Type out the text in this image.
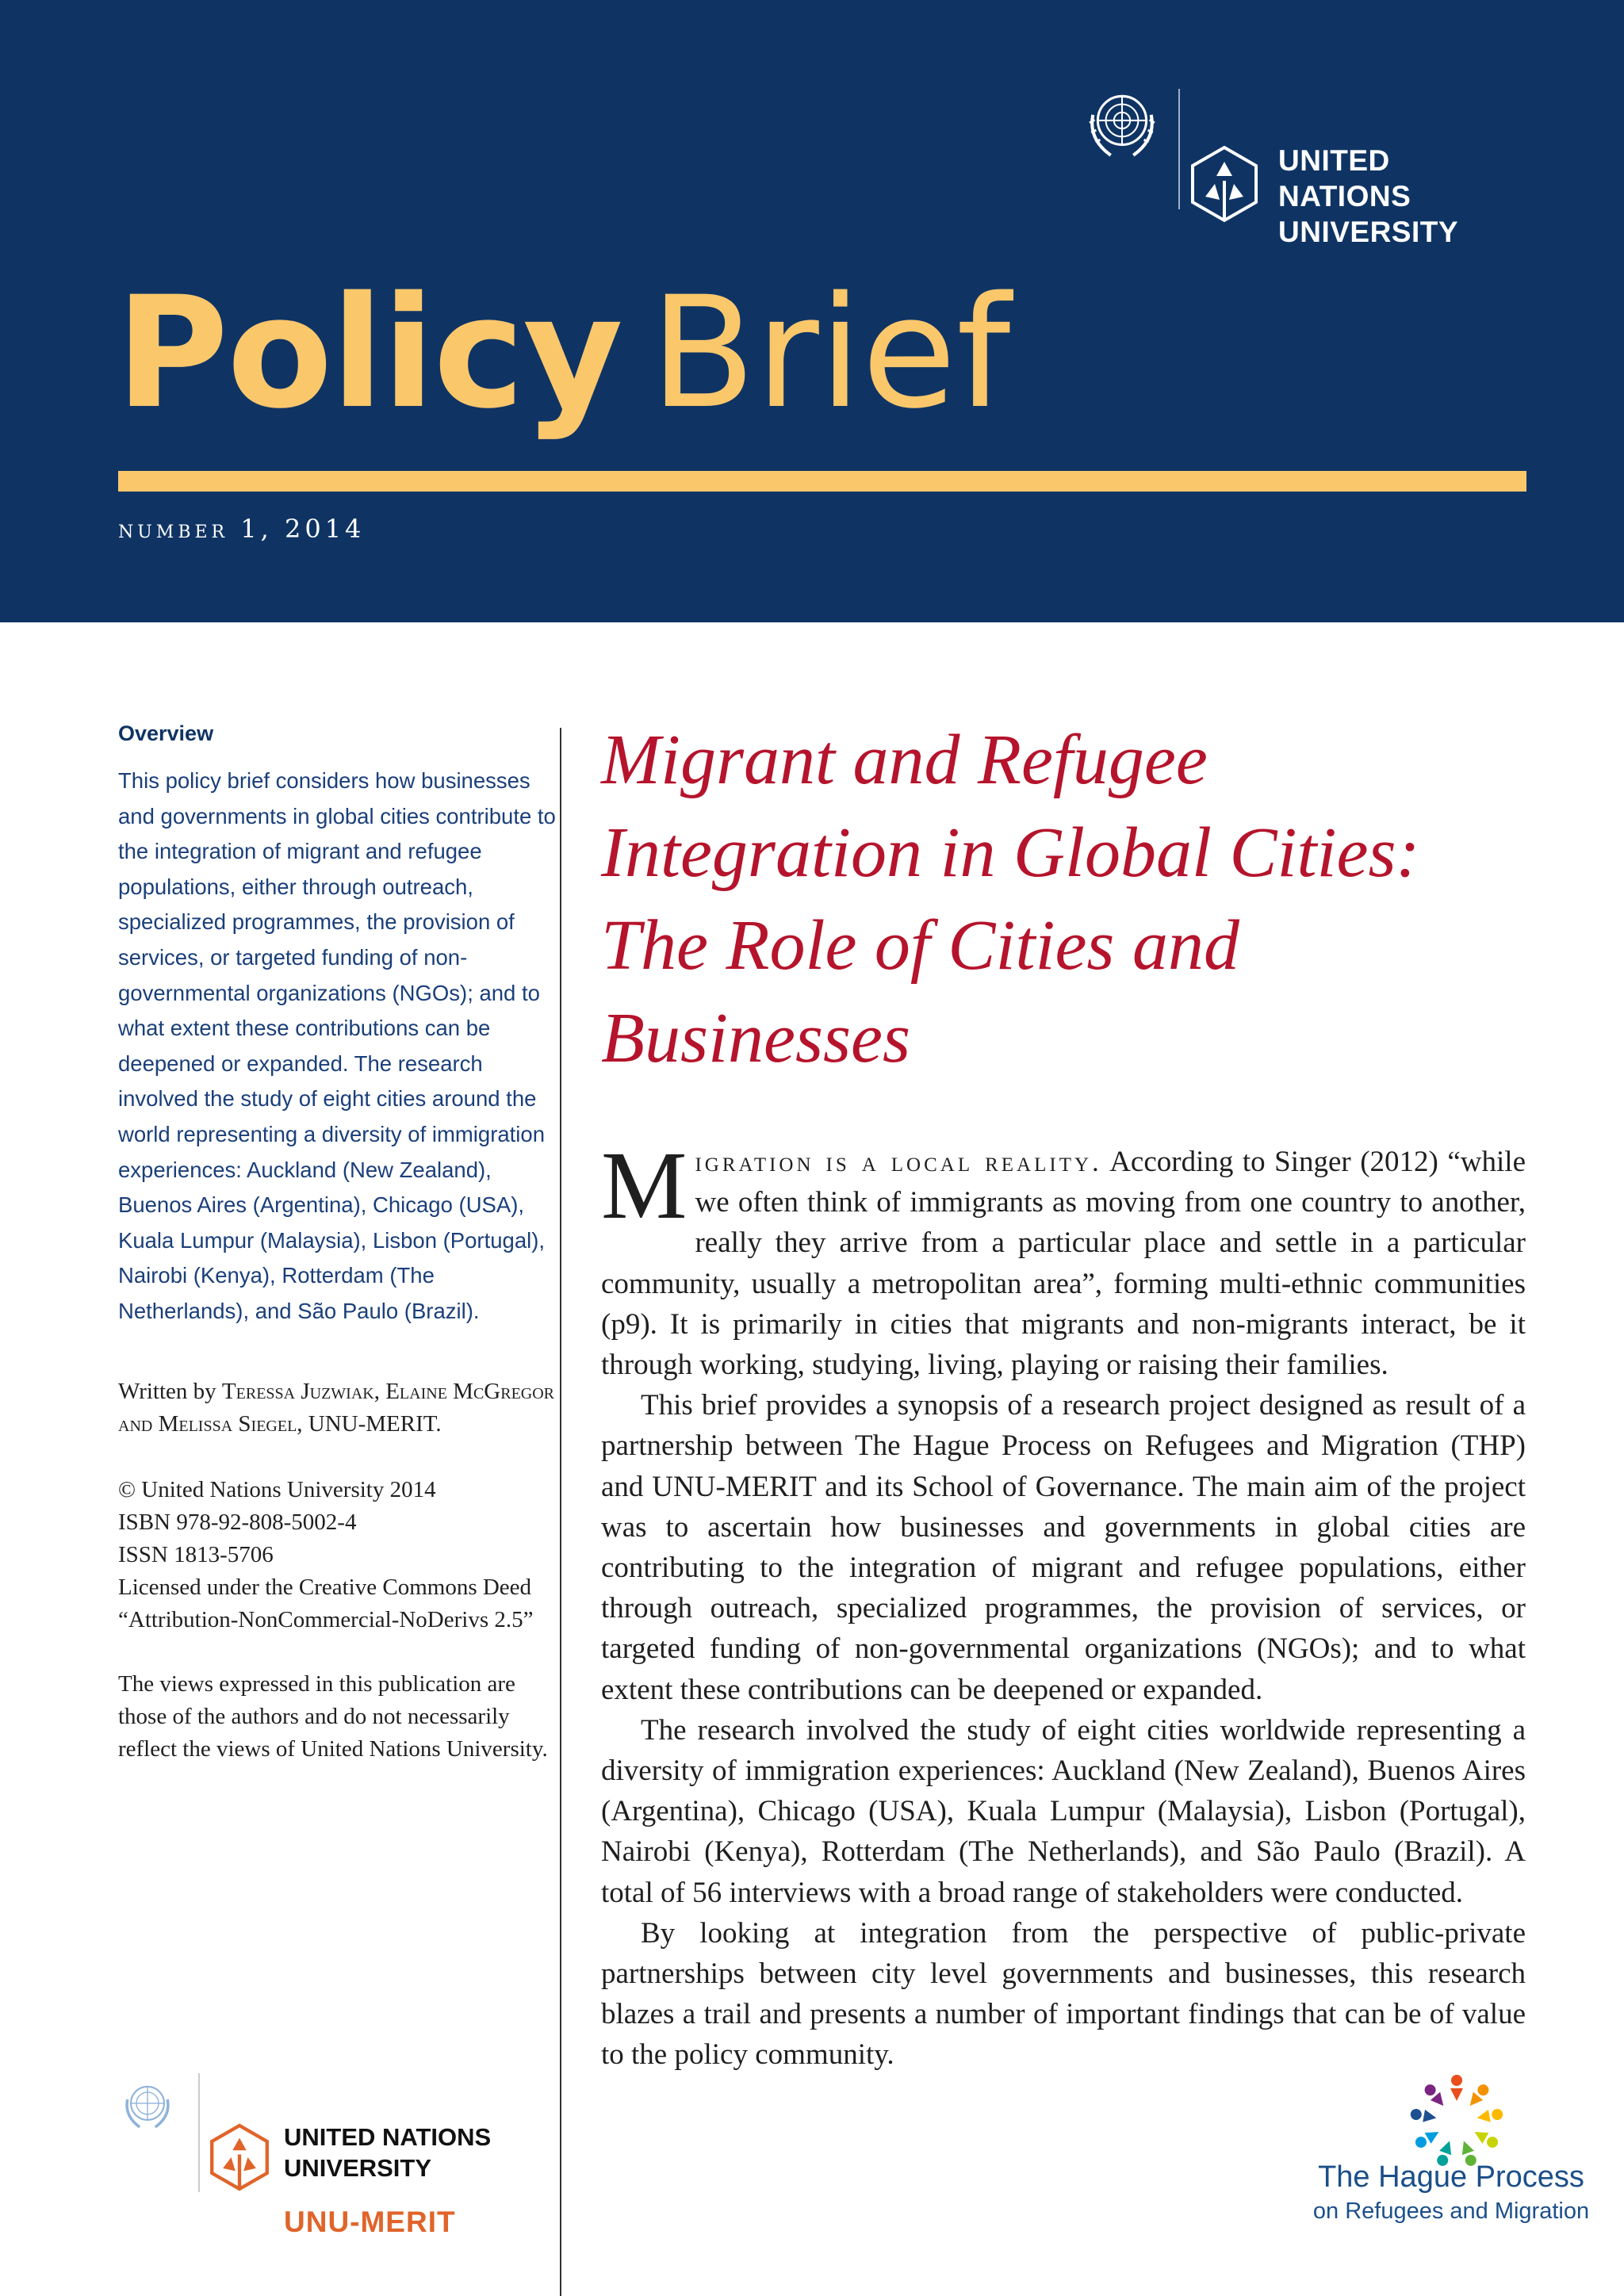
UNITED NATIONS UNIVERSITY
Policy Brief
number 1, 2014
Overview

This policy brief considers how businesses and governments in global cities contribute to the integration of migrant and refugee populations, either through outreach, specialized programmes, the provision of services, or targeted funding of non-governmental organizations (NGOs); and to what extent these contributions can be deepened or expanded. The research involved the study of eight cities around the world representing a diversity of immigration experiences: Auckland (New Zealand), Buenos Aires (Argentina), Chicago (USA), Kuala Lumpur (Malaysia), Lisbon (Portugal), Nairobi (Kenya), Rotterdam (The Netherlands), and São Paulo (Brazil).

Written by Teressa Juzwiak, Elaine McGregor and Melissa Siegel, UNU-MERIT.

© United Nations University 2014
ISBN 978-92-808-5002-4
ISSN 1813-5706
Licensed under the Creative Commons Deed “Attribution-NonCommercial-NoDerivs 2.5”

The views expressed in this publication are those of the authors and do not necessarily reflect the views of United Nations University.

UNITED NATIONS UNIVERSITY
UNU-MERIT
Migrant and Refugee Integration in Global Cities: The Role of Cities and Businesses

Migration is a local reality. According to Singer (2012) “while we often think of immigrants as moving from one country to another, really they arrive from a particular place and settle in a particular community, usually a metropolitan area”, forming multi-ethnic communities (p9). It is primarily in cities that migrants and non-migrants interact, be it through working, studying, living, playing or raising their families.

This brief provides a synopsis of a research project designed as result of a partnership between The Hague Process on Refugees and Migration (THP) and UNU-MERIT and its School of Governance. The main aim of the project was to ascertain how businesses and governments in global cities are contributing to the integration of migrant and refugee populations, either through outreach, specialized programmes, the provision of services, or targeted funding of non-governmental organizations (NGOs); and to what extent these contributions can be deepened or expanded.

The research involved the study of eight cities worldwide representing a diversity of immigration experiences: Auckland (New Zealand), Buenos Aires (Argentina), Chicago (USA), Kuala Lumpur (Malaysia), Lisbon (Portugal), Nairobi (Kenya), Rotterdam (The Netherlands), and São Paulo (Brazil). A total of 56 interviews with a broad range of stakeholders were conducted.

By looking at integration from the perspective of public-private partnerships between city level governments and businesses, this research blazes a trail and presents a number of important findings that can be of value to the policy community.

The Hague Process
on Refugees and Migration
